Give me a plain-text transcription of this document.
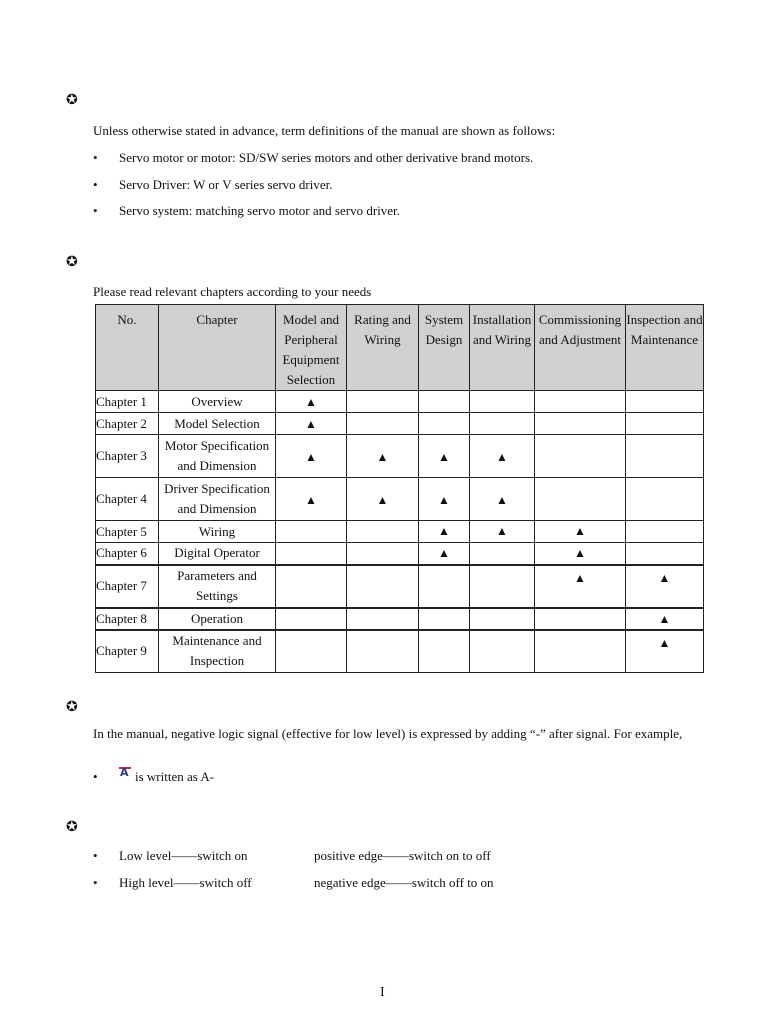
✪
Unless otherwise stated in advance, term definitions of the manual are shown as follows:
• Servo motor or motor: SD/SW series motors and other derivative brand motors.
• Servo Driver: W or V series servo driver.
• Servo system: matching servo motor and servo driver.
✪
Please read relevant chapters according to your needs
No.	Chapter	Model and Peripheral Equipment Selection	Rating and Wiring	System Design	Installation and Wiring	Commissioning and Adjustment	Inspection and Maintenance
Chapter 1	Overview	▲					
Chapter 2	Model Selection	▲					
Chapter 3	Motor Specification and Dimension	▲	▲	▲	▲		
Chapter 4	Driver Specification and Dimension	▲	▲	▲	▲		
Chapter 5	Wiring			▲	▲	▲	
Chapter 6	Digital Operator			▲		▲	
Chapter 7	Parameters and Settings					▲	▲
Chapter 8	Operation						▲
Chapter 9	Maintenance and Inspection						▲
✪
In the manual, negative logic signal (effective for low level) is expressed by adding “-” after signal. For example,
• A is written as A-
✪
• Low level——switch on	positive edge——switch on to off
• High level——switch off	negative edge——switch off to on
I
